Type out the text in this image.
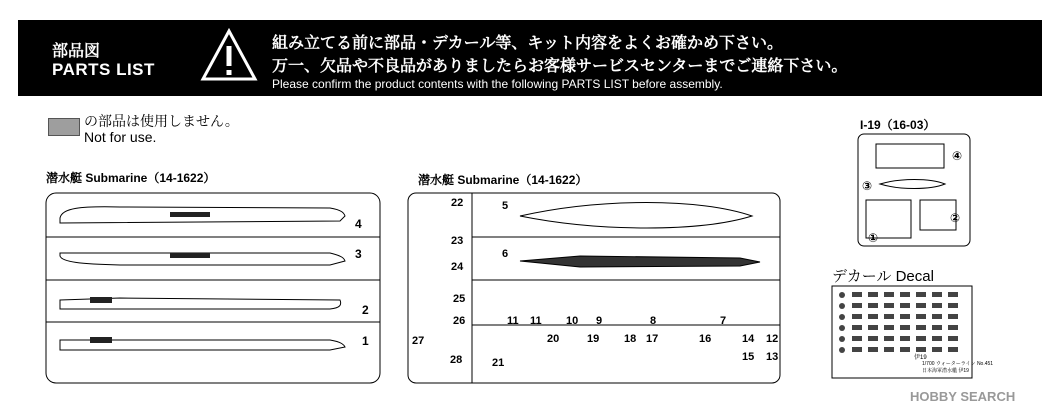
部品図
PARTS LIST
組み立てる前に部品・デカール等、キット内容をよくお確かめ下さい。
万一、欠品や不良品がありましたらお客様サービスセンターまでご連絡下さい。
Please confirm the product contents with the following PARTS LIST before assembly.
の部品は使用しません。
Not for use.
潜水艇 Submarine（14-1622）	潜水艇 Submarine（14-1622）
I-19（16-03）
デカール Decal
4
3
2
1
22
23
24
25
26
27
28
5
6
11 11 10 9	8	7
20	19 18 17	16
21
14 12
15 13
④
③
①
②
伊19
1/700 ウォーターライン No.451
日本海軍潜水艦 伊19
HOBBY SEARCH
